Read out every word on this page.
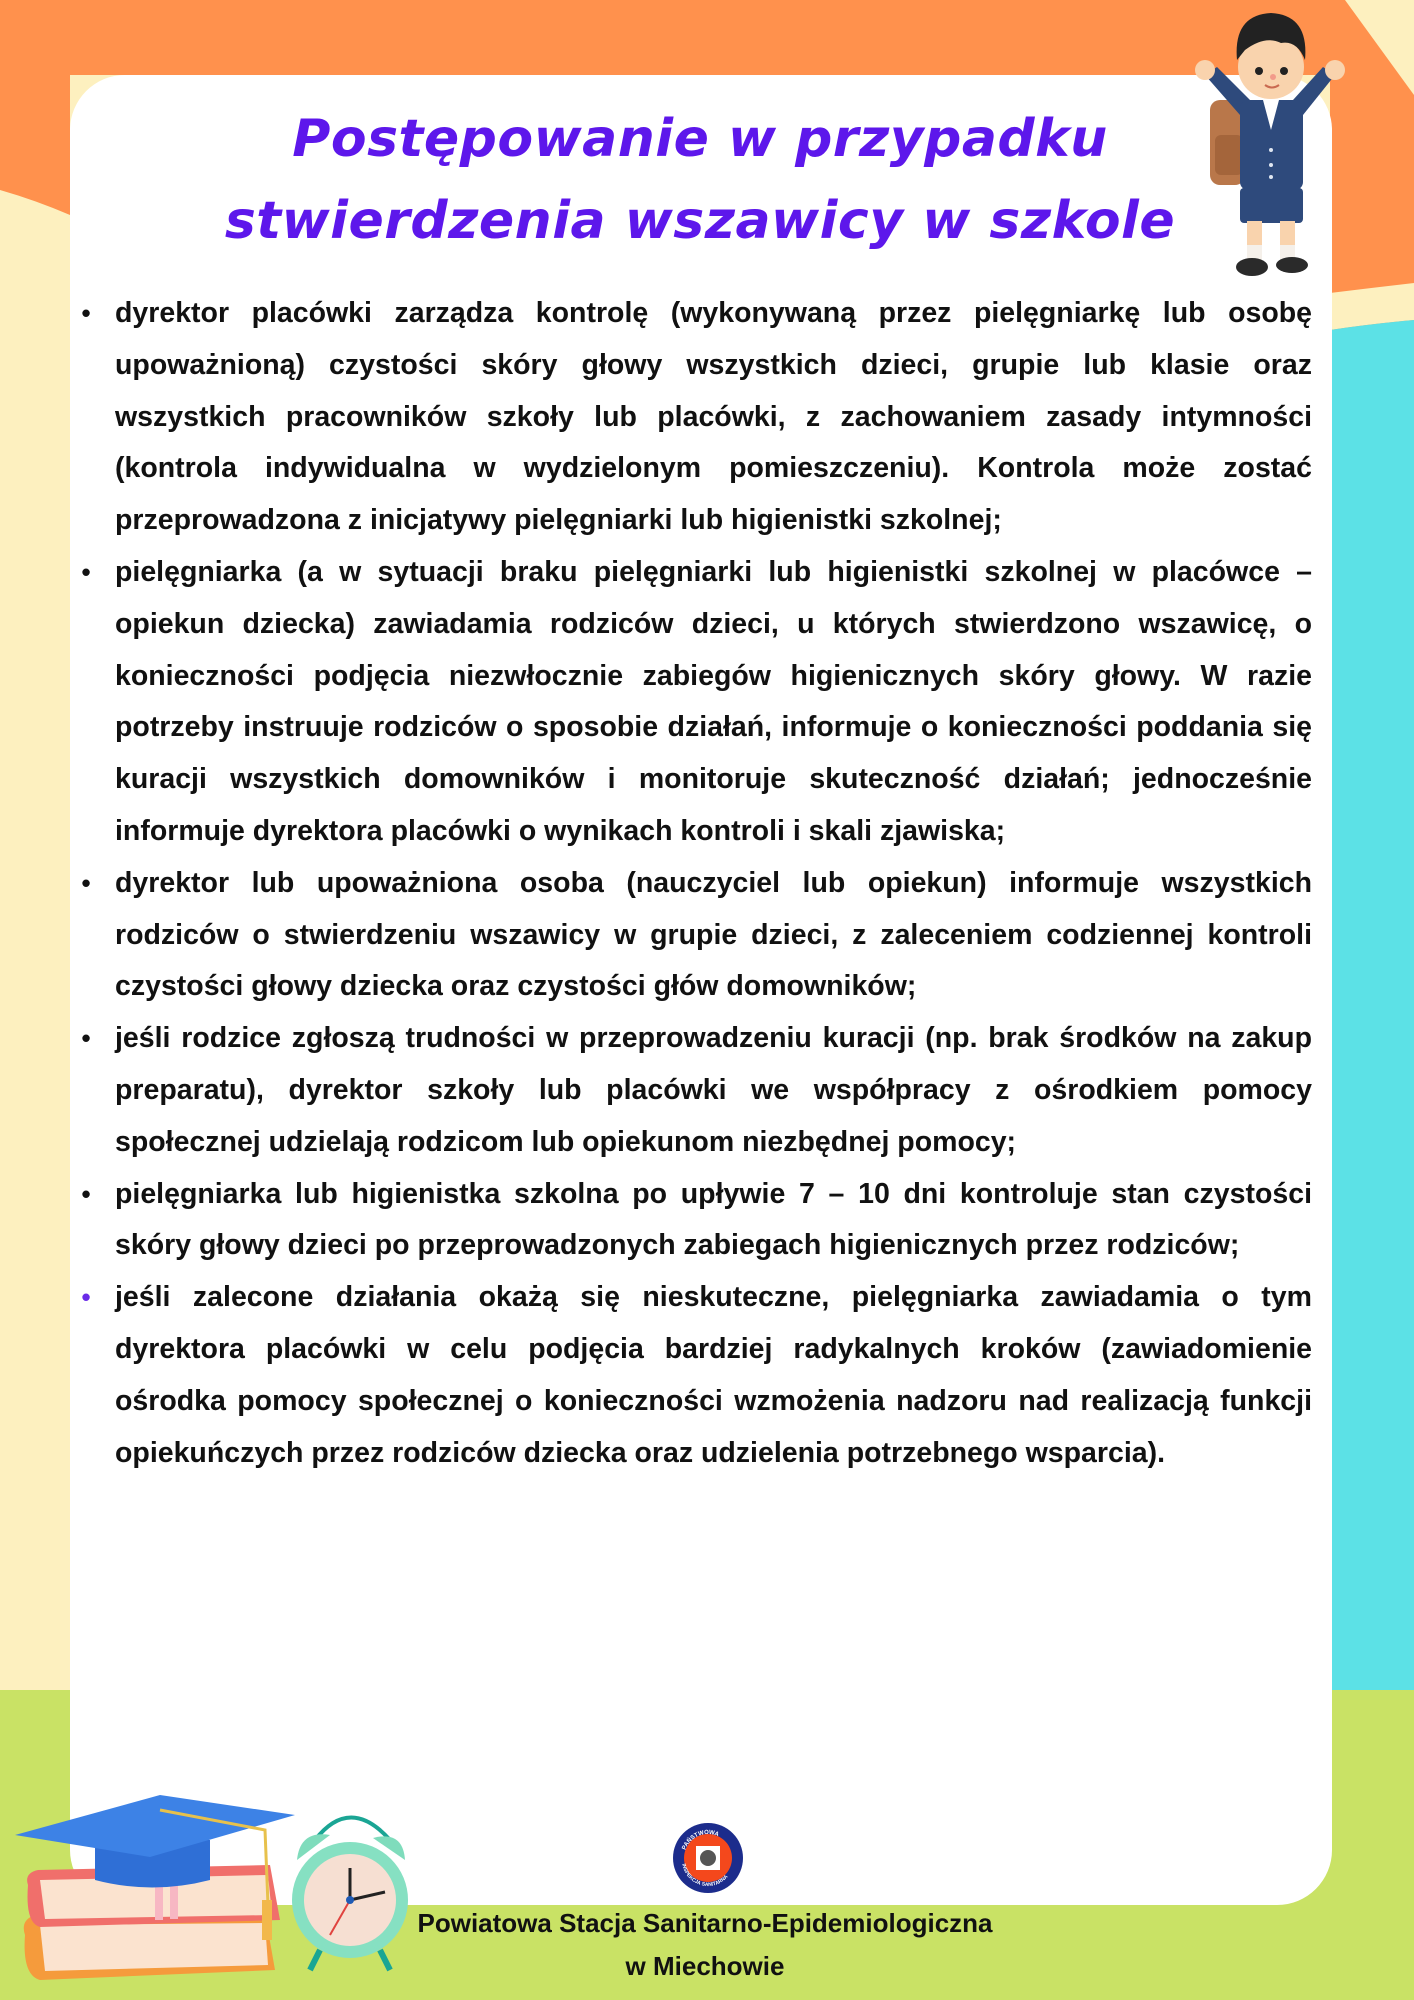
Postępowanie w przypadku
stwierdzenia wszawicy w szkole
• dyrektor placówki zarządza kontrolę (wykonywaną przez pielęgniarkę lub osobę upoważnioną) czystości skóry głowy wszystkich dzieci, grupie lub klasie oraz wszystkich pracowników szkoły lub placówki, z zachowaniem zasady intymności (kontrola indywidualna w wydzielonym pomieszczeniu). Kontrola może zostać przeprowadzona z inicjatywy pielęgniarki lub higienistki szkolnej;
• pielęgniarka (a w sytuacji braku pielęgniarki lub higienistki szkolnej w placówce – opiekun dziecka) zawiadamia rodziców dzieci, u których stwierdzono wszawicę, o konieczności podjęcia niezwłocznie zabiegów higienicznych skóry głowy. W razie potrzeby instruuje rodziców o sposobie działań, informuje o konieczności poddania się kuracji wszystkich domowników i monitoruje skuteczność działań; jednocześnie informuje dyrektora placówki o wynikach kontroli i skali zjawiska;
• dyrektor lub upoważniona osoba (nauczyciel lub opiekun) informuje wszystkich rodziców o stwierdzeniu wszawicy w grupie dzieci, z zaleceniem codziennej kontroli czystości głowy dziecka oraz czystości głów domowników;
• jeśli rodzice zgłoszą trudności w przeprowadzeniu kuracji (np. brak środków na zakup preparatu), dyrektor szkoły lub placówki we współpracy z ośrodkiem pomocy społecznej udzielają rodzicom lub opiekunom niezbędnej pomocy;
• pielęgniarka lub higienistka szkolna po upływie 7 – 10 dni kontroluje stan czystości skóry głowy dzieci po przeprowadzonych zabiegach higienicznych przez rodziców;
• jeśli zalecone działania okażą się nieskuteczne, pielęgniarka zawiadamia o tym dyrektora placówki w celu podjęcia bardziej radykalnych kroków (zawiadomienie ośrodka pomocy społecznej o konieczności wzmożenia nadzoru nad realizacją funkcji opiekuńczych przez rodziców dziecka oraz udzielenia potrzebnego wsparcia).
PAŃSTWOWA
INSPEKCJA SANITARNA
Powiatowa Stacja Sanitarno-Epidemiologiczna
w Miechowie
